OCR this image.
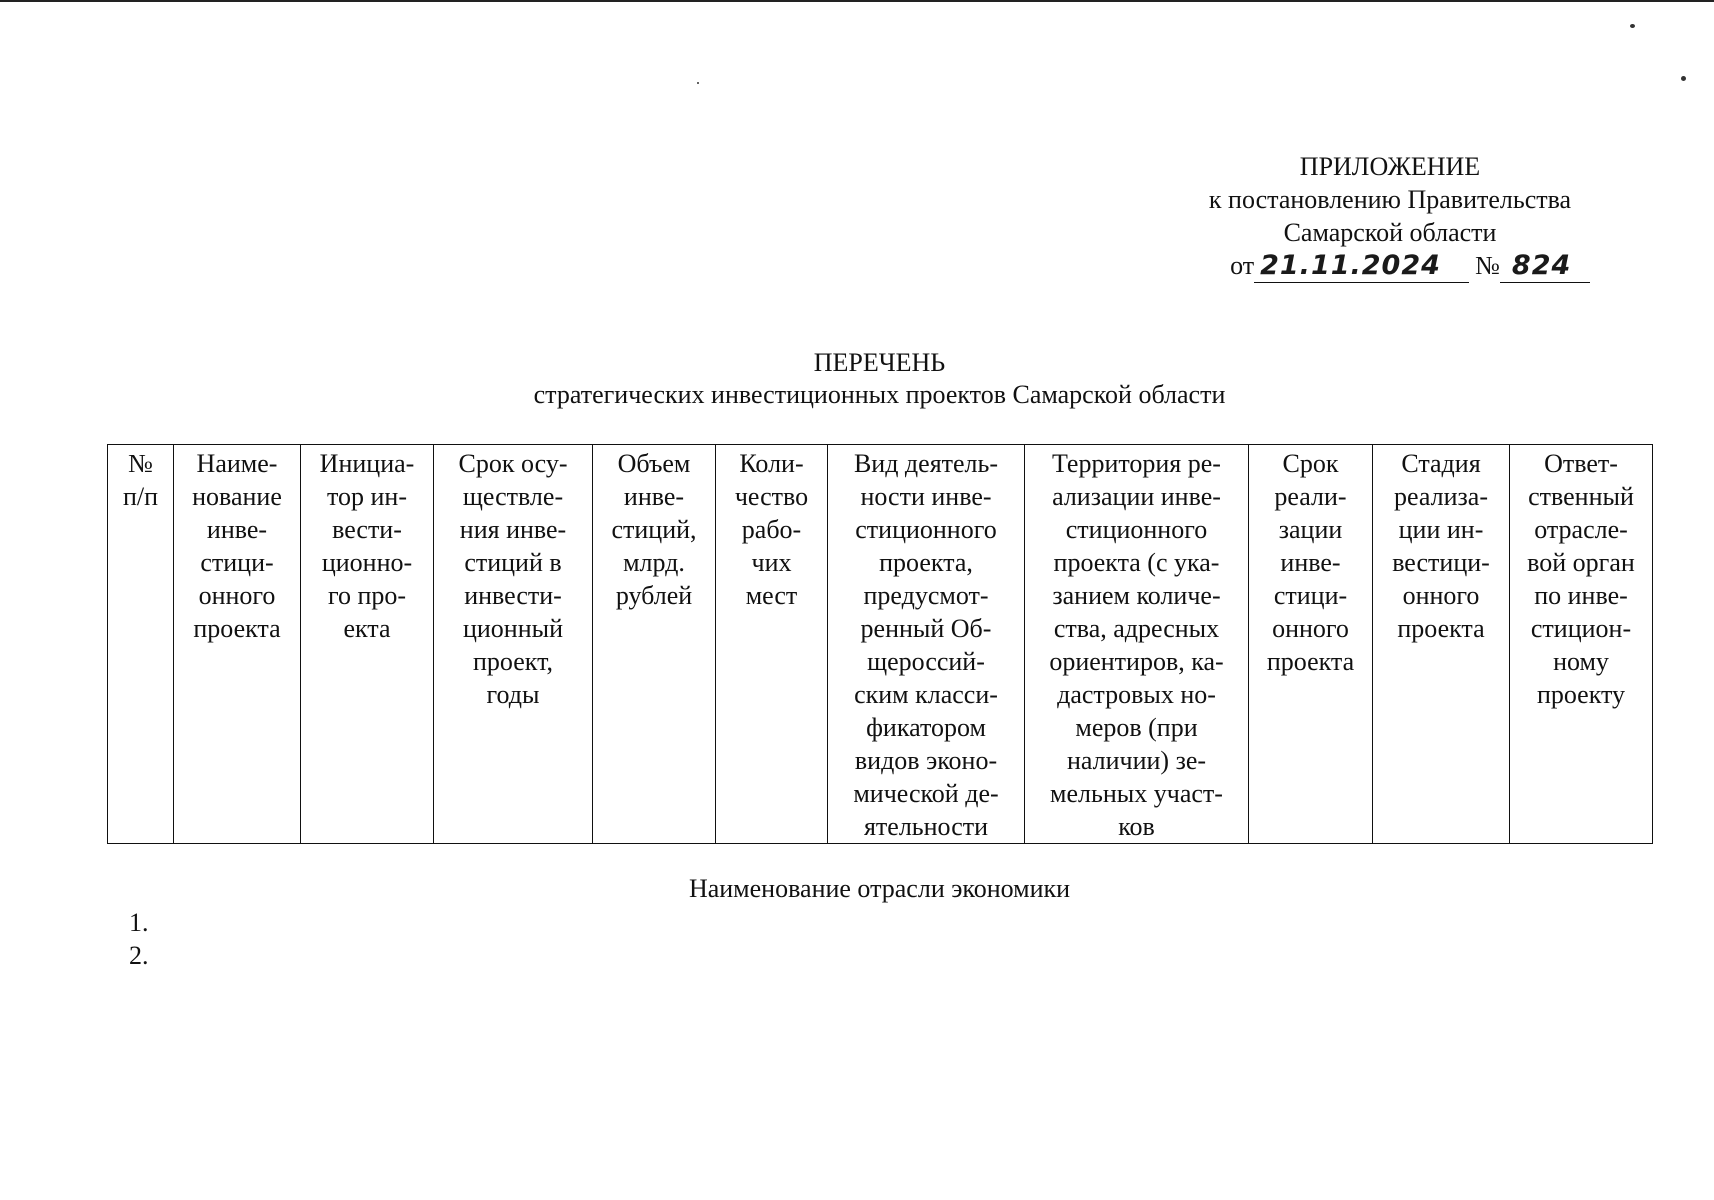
ПРИЛОЖЕНИЕ
к постановлению Правительства
Самарской области
от 21.11.2024	№ 824
ПЕРЕЧЕНЬ
стратегических инвестиционных проектов Самарской области
№
п/п	Наиме-
нование
инве-
стици-
онного
проекта	Инициа-
тор ин-
вести-
ционно-
го про-
екта	Срок осу-
ществле-
ния инве-
стиций в
инвести-
ционный
проект,
годы	Объем
инве-
стиций,
млрд.
рублей	Коли-
чество
рабо-
чих
мест	Вид деятель-
ности инве-
стиционного
проекта,
предусмот-
ренный Об-
щероссий-
ским класси-
фикатором
видов эконо-
мической де-
ятельности	Территория ре-
ализации инве-
стиционного
проекта (с ука-
занием количе-
ства, адресных
ориентиров, ка-
дастровых но-
меров (при
наличии) зе-
мельных участ-
ков	Срок
реали-
зации
инве-
стици-
онного
проекта	Стадия
реализа-
ции ин-
вестици-
онного
проекта	Ответ-
ственный
отрасле-
вой орган
по инве-
стицион-
ному
проекту
Наименование отрасли экономики
1.
2.
